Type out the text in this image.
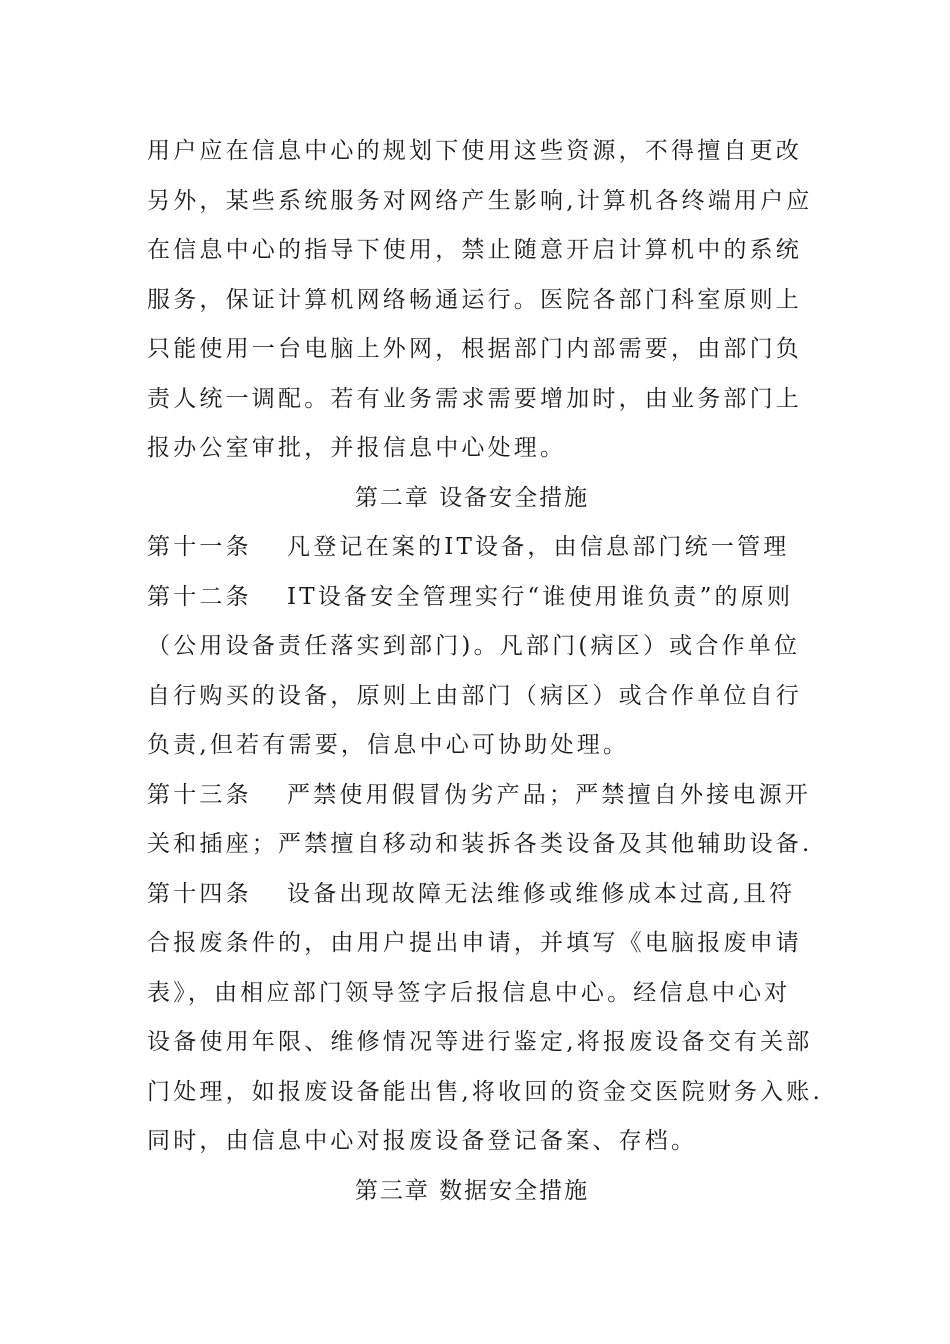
用户应在信息中心的规划下使用这些资源，不得擅自更改
另外，某些系统服务对网络产生影响,计算机各终端用户应
在信息中心的指导下使用，禁止随意开启计算机中的系统
服务，保证计算机网络畅通运行。医院各部门科室原则上
只能使用一台电脑上外网，根据部门内部需要，由部门负
责人统一调配。若有业务需求需要增加时，由业务部门上
报办公室审批，并报信息中心处理。
第二章 设备安全措施
第十一条 凡登记在案的IT设备，由信息部门统一管理
第十二条 IT设备安全管理实行“谁使用谁负责”的原则
（公用设备责任落实到部门)。凡部门(病区）或合作单位
自行购买的设备，原则上由部门（病区）或合作单位自行
负责,但若有需要，信息中心可协助处理。
第十三条 严禁使用假冒伪劣产品；严禁擅自外接电源开
关和插座；严禁擅自移动和装拆各类设备及其他辅助设备.
第十四条 设备出现故障无法维修或维修成本过高,且符
合报废条件的，由用户提出申请，并填写《电脑报废申请
表》，由相应部门领导签字后报信息中心。经信息中心对
设备使用年限、维修情况等进行鉴定,将报废设备交有关部
门处理，如报废设备能出售,将收回的资金交医院财务入账.
同时，由信息中心对报废设备登记备案、存档。
第三章 数据安全措施
